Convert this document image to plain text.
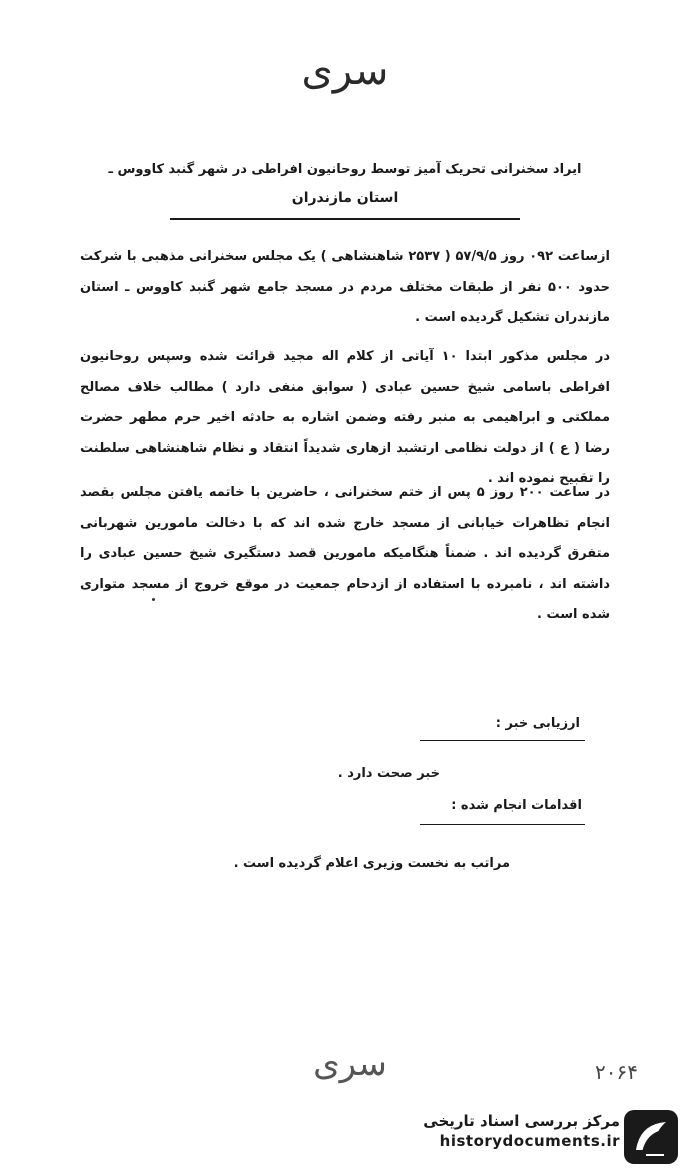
سری
ایراد سخنرانی تحریک آمیز توسط روحانیون افراطی در شهر گنبد کاووس ـ
استان مازندران
ازساعت ۰۹۲ روز ۵۷/۹/۵ ( ۲۵۳۷ شاهنشاهی ) یک مجلس سخنرانی مذهبی با شرکت حدود ۵۰۰ نفر از طبقات مختلف مردم در مسجد جامع شهر گنبد کاووس ـ استان مازندران تشکیل گردیده است .
در مجلس مذکور ابتدا ۱۰ آیاتی از کلام اله مجید قرائت شده وسپس روحانیون افراطی باسامی شیخ حسین عبادی ( سوابق منفی دارد ) مطالب خلاف مصالح مملکتی و ابراهیمی به منبر رفته وضمن اشاره به حادثه اخیر حرم مطهر حضرت رضا ( ع ) از دولت نظامی ارتشبد ازهاری شدیداً انتقاد و نظام شاهنشاهی سلطنت را تقبیح نموده اند .
در ساعت ۲۰۰ روز ۵ پس از ختم سخنرانی ، حاضرین با خاتمه یافتن مجلس بقصد انجام تظاهرات خیابانی از مسجد خارج شده اند که با دخالت مامورین شهربانی متفرق گردیده اند . ضمناً هنگامیکه مامورین قصد دستگیری شیخ حسین عبادی را داشته اند ، نامبرده با استفاده از ازدحام جمعیت در موقع خروج از مسجد متواری شده است .
ارزیابی خبر :
خبر صحت دارد .
اقدامات انجام شده :
مراتب به نخست وزیری اعلام گردیده است .
سری	۲۰۶۴
مرکز بررسی اسناد تاریخی
historydocuments.ir
